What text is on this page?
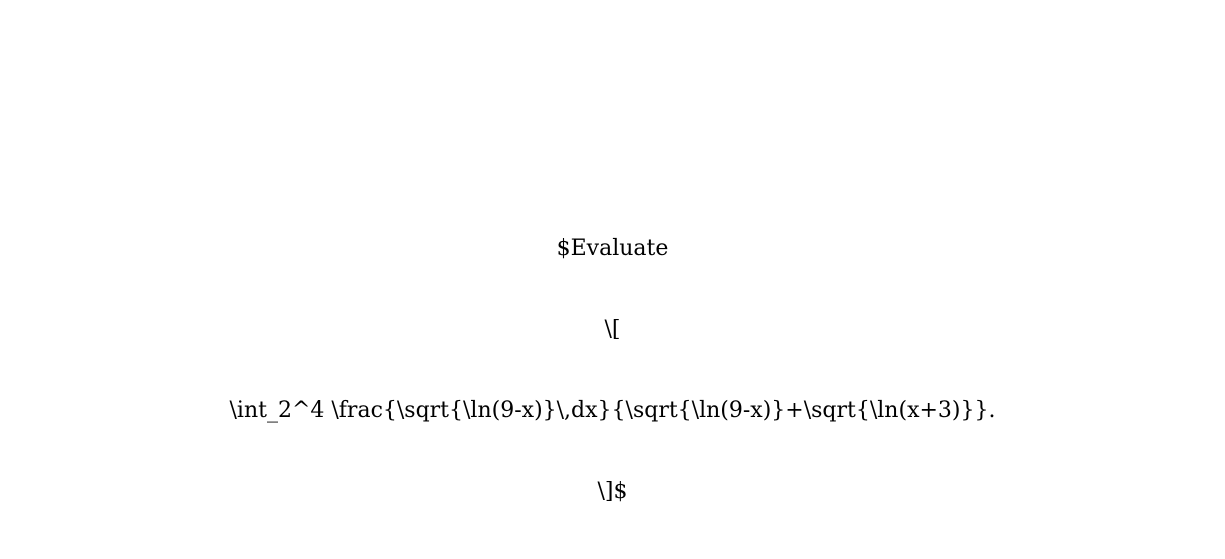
$Evaluate

\[

\int_2^4 \frac{\sqrt{\ln(9-x)}\,dx}{\sqrt{\ln(9-x)}+\sqrt{\ln(x+3)}}.

\]$
